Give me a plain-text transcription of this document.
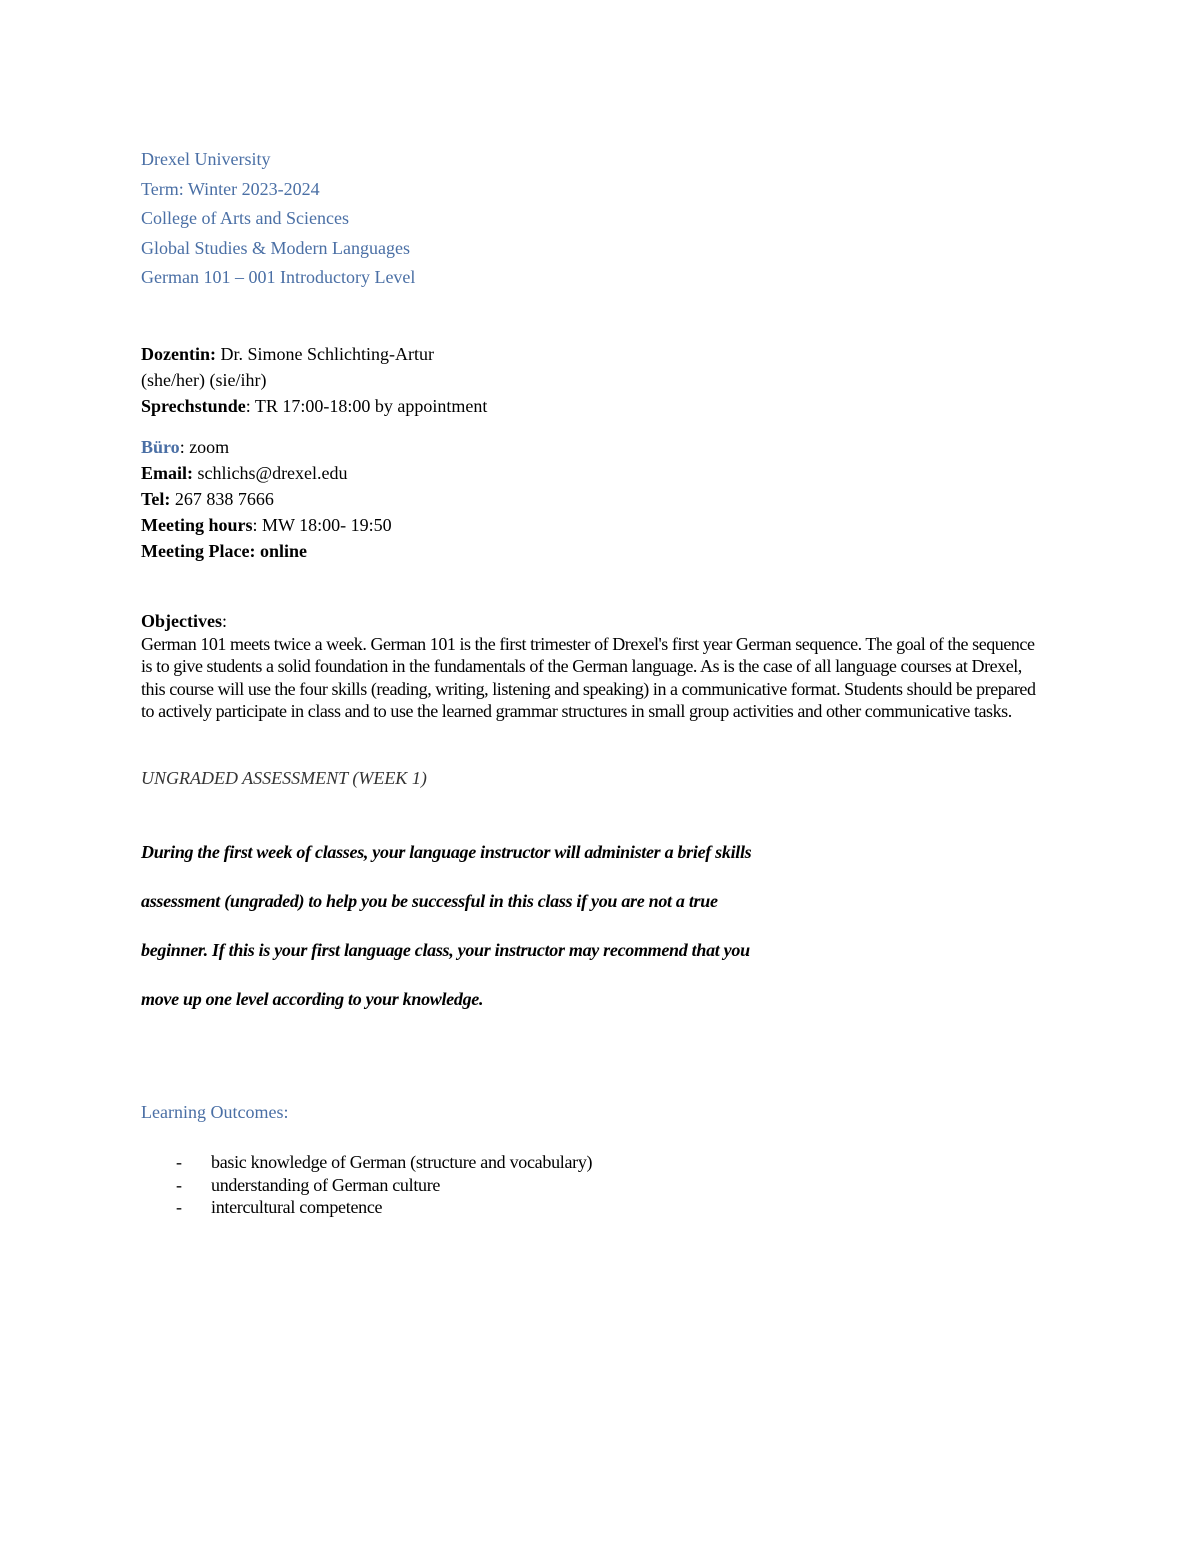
Drexel University
Term: Winter 2023-2024
College of Arts and Sciences
Global Studies & Modern Languages
German 101 – 001 Introductory Level
Dozentin: Dr. Simone Schlichting-Artur
(she/her) (sie/ihr)
Sprechstunde: TR 17:00-18:00 by appointment
Büro: zoom
Email: schlichs@drexel.edu
Tel: 267 838 7666
Meeting hours: MW 18:00- 19:50
Meeting Place: online
Objectives:

German 101 meets twice a week. German 101 is the first trimester of Drexel's first year German sequence. The goal of the sequence is to give students a solid foundation in the fundamentals of the German language. As is the case of all language courses at Drexel, this course will use the four skills (reading, writing, listening and speaking) in a communicative format. Students should be prepared to actively participate in class and to use the learned grammar structures in small group activities and other communicative tasks.

UNGRADED ASSESSMENT (WEEK 1)
During the first week of classes, your language instructor will administer a brief skills
assessment (ungraded) to help you be successful in this class if you are not a true
beginner. If this is your first language class, your instructor may recommend that you
move up one level according to your knowledge.
Learning Outcomes:
- basic knowledge of German (structure and vocabulary)
- understanding of German culture
- intercultural competence
